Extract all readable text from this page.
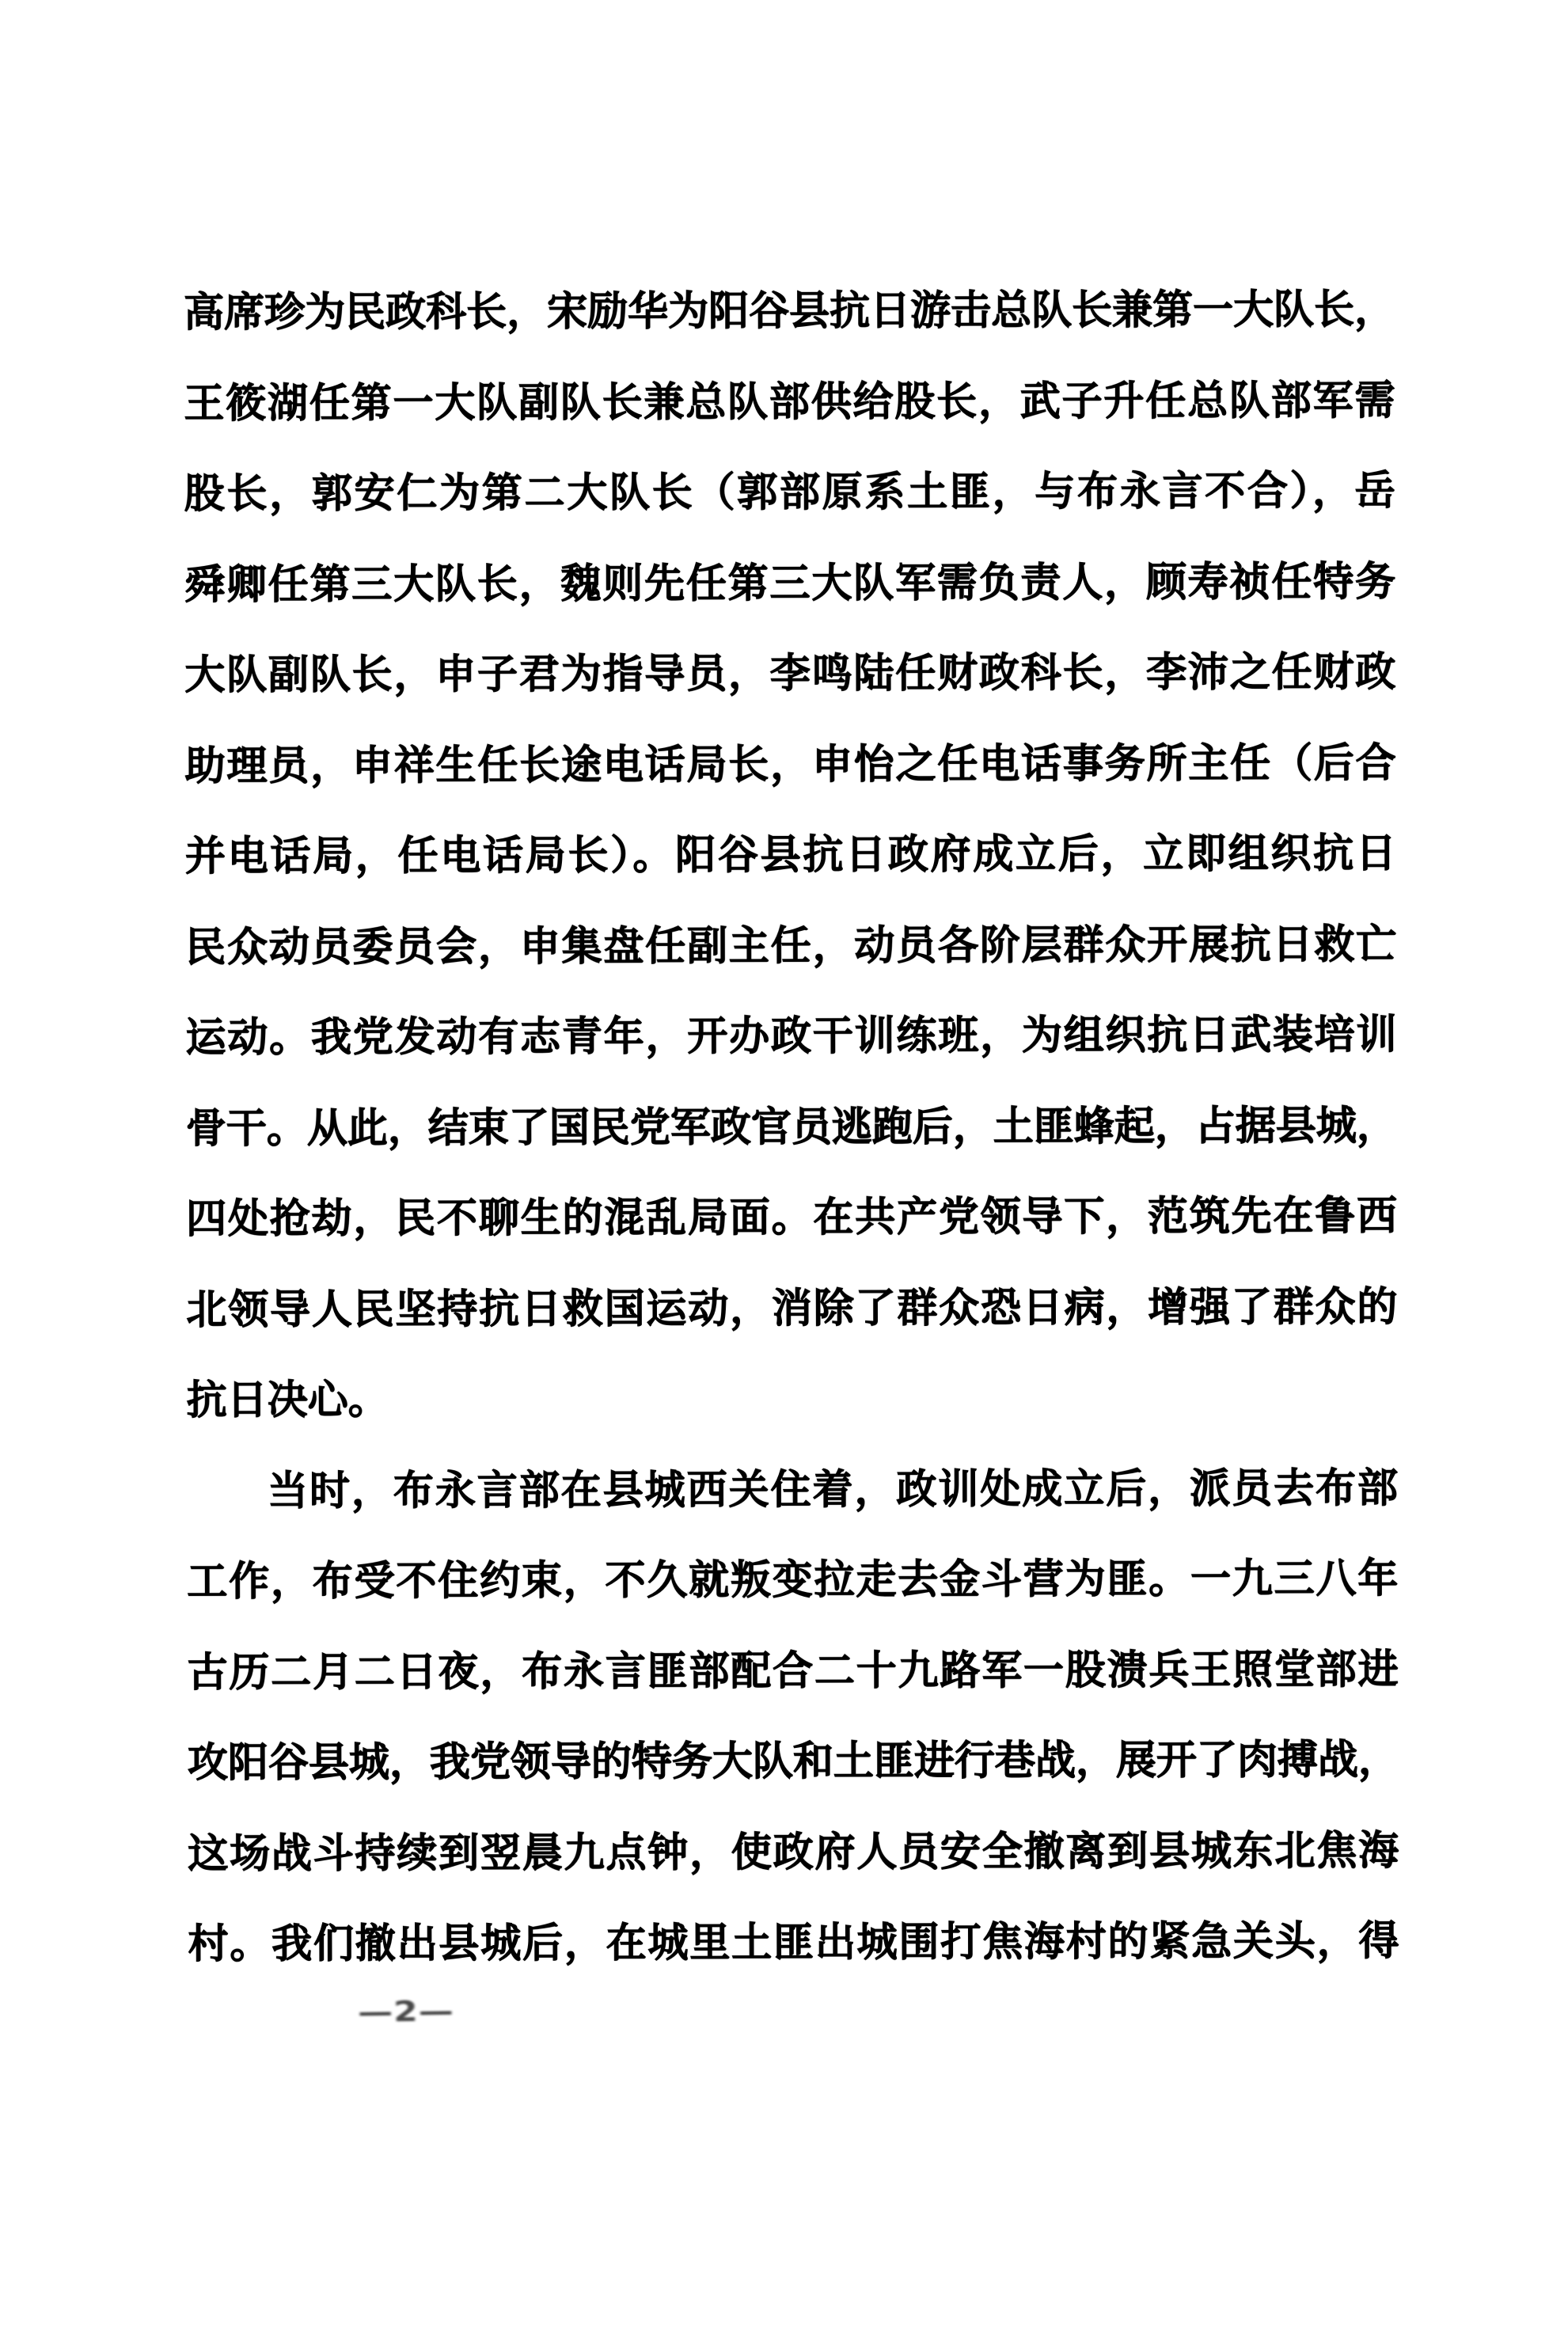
高席珍为民政科长，宋励华为阳谷县抗日游击总队长兼第一大队长，
王筱湖任第一大队副队长兼总队部供给股长，武子升任总队部军需
股长，郭安仁为第二大队长（郭部原系土匪，与布永言不合），岳
舜卿任第三大队长，魏则先任第三大队军需负责人，顾寿祯任特务
大队副队长，申子君为指导员，李鸣陆任财政科长，李沛之任财政
助理员，申祥生任长途电话局长，申怡之任电话事务所主任（后合
并电话局，任电话局长）。阳谷县抗日政府成立后，立即组织抗日
民众动员委员会，申集盘任副主任，动员各阶层群众开展抗日救亡
运动。我党发动有志青年，开办政干训练班，为组织抗日武装培训
骨干。从此，结束了国民党军政官员逃跑后，土匪蜂起，占据县城，
四处抢劫，民不聊生的混乱局面。在共产党领导下，范筑先在鲁西
北领导人民坚持抗日救国运动，消除了群众恐日病，增强了群众的
抗日决心。
当时，布永言部在县城西关住着，政训处成立后，派员去布部
工作，布受不住约束，不久就叛变拉走去金斗营为匪。一九三八年
古历二月二日夜，布永言匪部配合二十九路军一股溃兵王照堂部进
攻阳谷县城，我党领导的特务大队和土匪进行巷战，展开了肉搏战，
这场战斗持续到翌晨九点钟，使政府人员安全撤离到县城东北焦海
村。我们撤出县城后，在城里土匪出城围打焦海村的紧急关头，得
—2—
